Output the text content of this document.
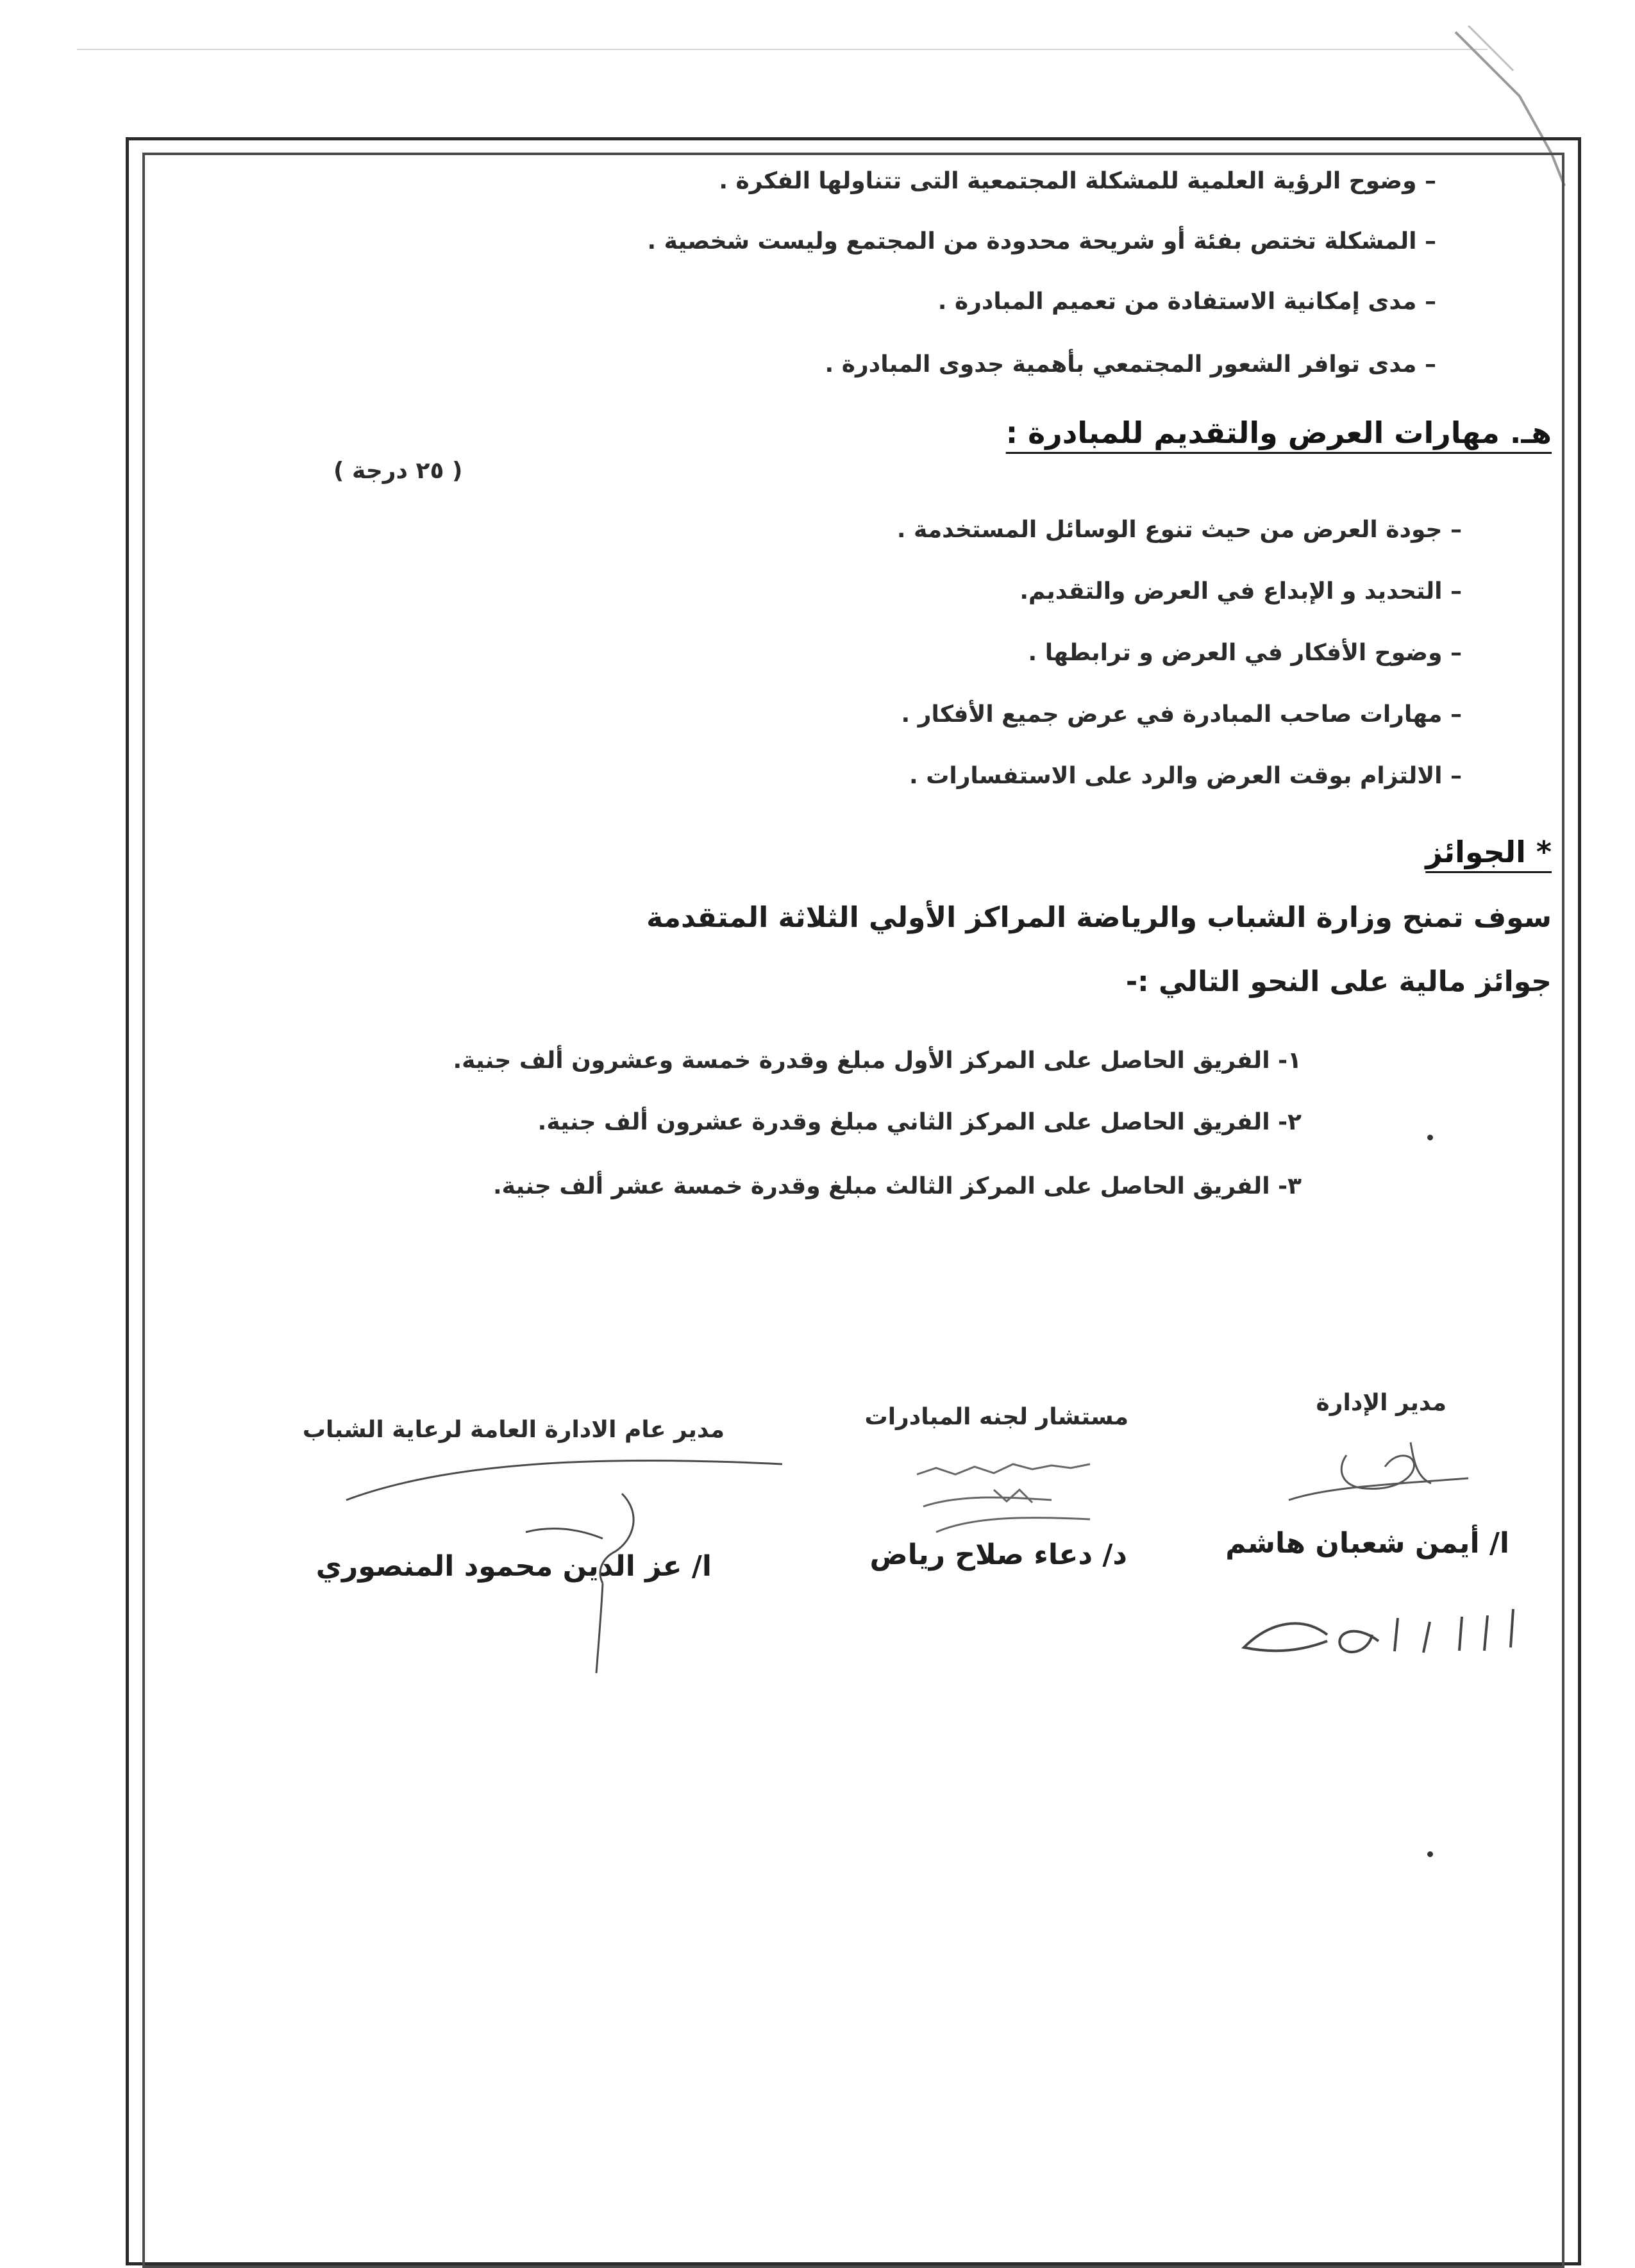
– وضوح الرؤية العلمية للمشكلة المجتمعية التى تتناولها الفكرة .
– المشكلة تختص بفئة أو شريحة محدودة من المجتمع وليست شخصية .
– مدى إمكانية الاستفادة من تعميم المبادرة .
– مدى توافر الشعور المجتمعي بأهمية جدوى المبادرة .
هـ. مهارات العرض والتقديم للمبادرة :
( ٢٥ درجة )
– جودة العرض من حيث تنوع الوسائل المستخدمة .
– التحديد و الإبداع في العرض والتقديم.
– وضوح الأفكار في العرض و ترابطها .
– مهارات صاحب المبادرة في عرض جميع الأفكار .
– الالتزام بوقت العرض والرد على الاستفسارات .
* الجوائز
سوف تمنح وزارة الشباب والرياضة المراكز الأولي الثلاثة المتقدمة
جوائز مالية على النحو التالي :-
١- الفريق الحاصل على المركز الأول مبلغ وقدرة خمسة وعشرون ألف جنية.
٢- الفريق الحاصل على المركز الثاني مبلغ وقدرة عشرون ألف جنية.
٣- الفريق الحاصل على المركز الثالث مبلغ وقدرة خمسة عشر ألف جنية.
مدير الإدارة
مستشار لجنه المبادرات
مدير عام الادارة العامة لرعاية الشباب
ا/ أيمن شعبان هاشم
د/ دعاء صلاح رياض
ا/ عز الدين محمود المنصوري
